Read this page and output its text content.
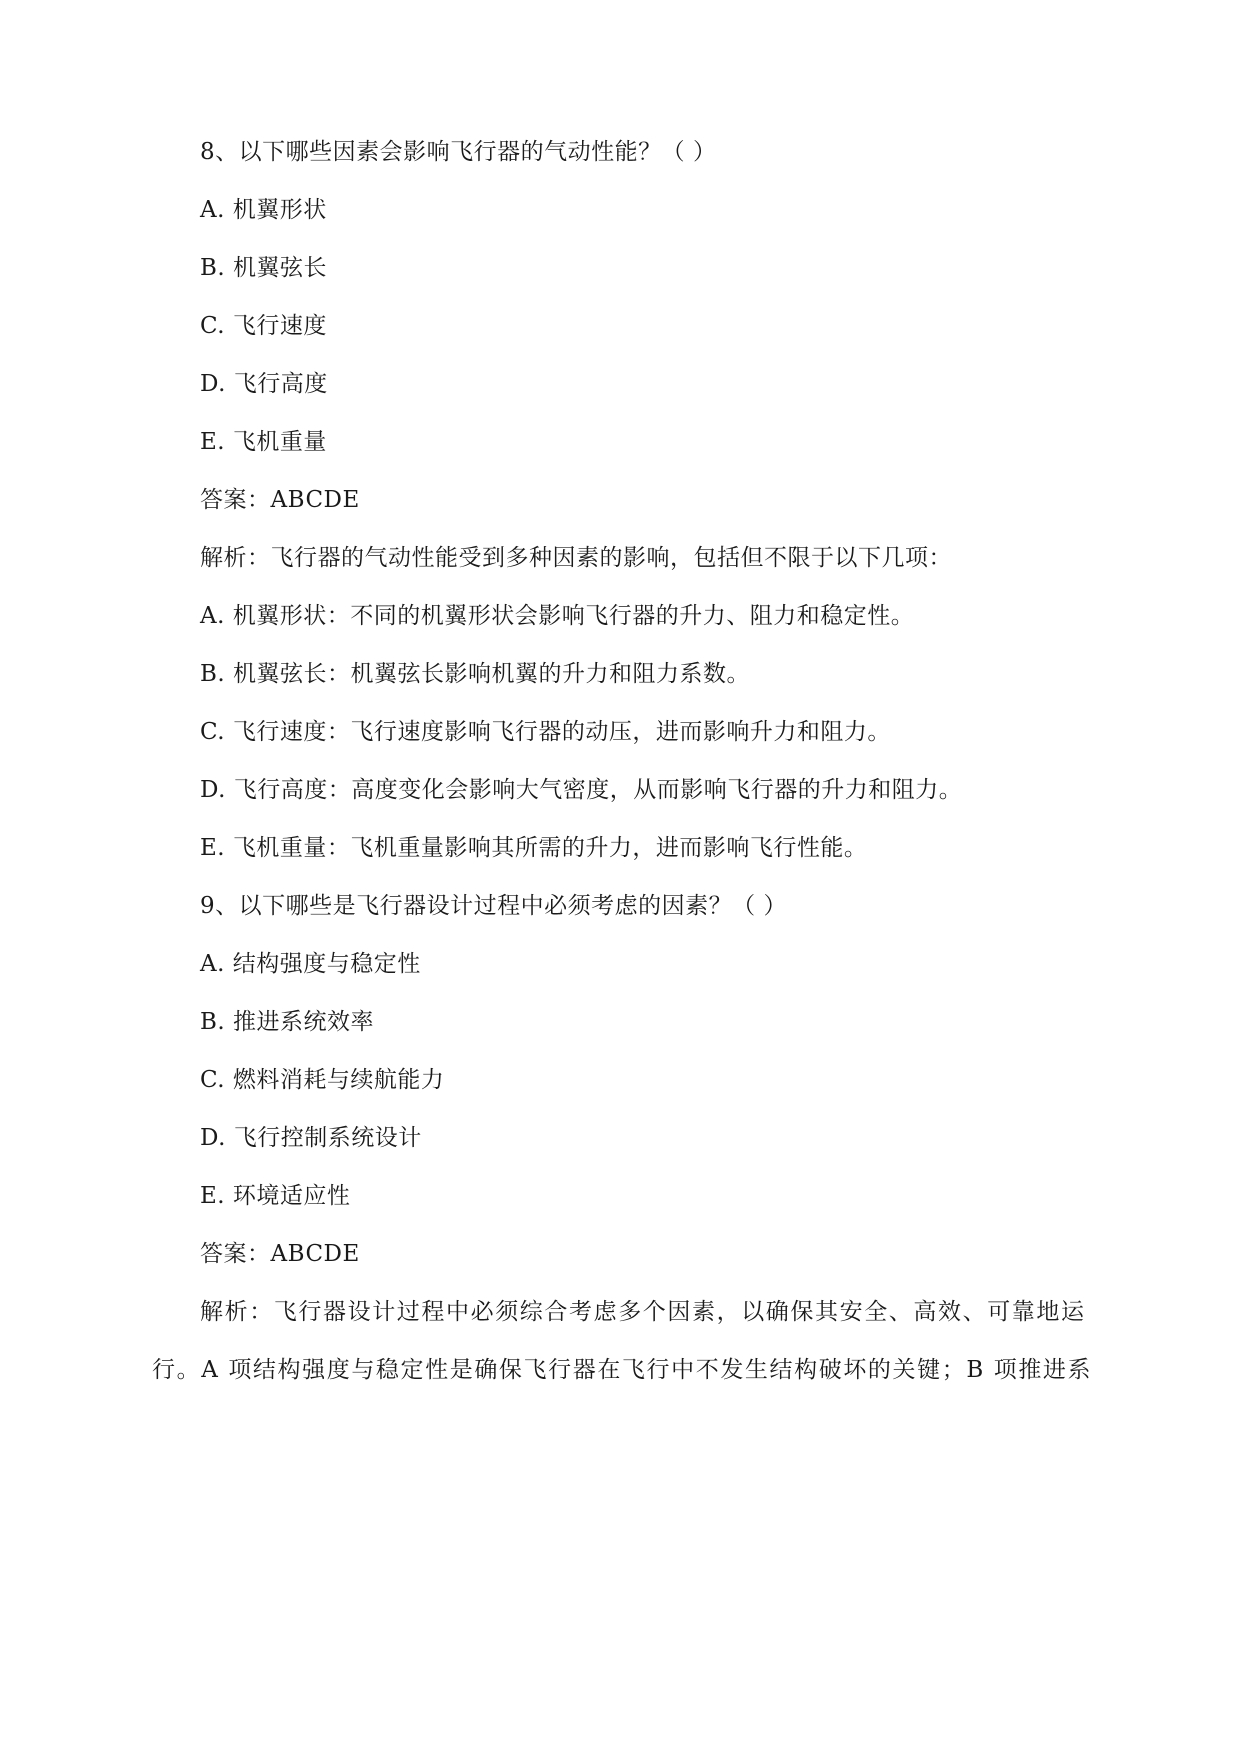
8、以下哪些因素会影响飞行器的气动性能？（ ）
A. 机翼形状
B. 机翼弦长
C. 飞行速度
D. 飞行高度
E. 飞机重量
答案：ABCDE
解析：飞行器的气动性能受到多种因素的影响，包括但不限于以下几项：
A. 机翼形状：不同的机翼形状会影响飞行器的升力、阻力和稳定性。
B. 机翼弦长：机翼弦长影响机翼的升力和阻力系数。
C. 飞行速度：飞行速度影响飞行器的动压，进而影响升力和阻力。
D. 飞行高度：高度变化会影响大气密度，从而影响飞行器的升力和阻力。
E. 飞机重量：飞机重量影响其所需的升力，进而影响飞行性能。
9、以下哪些是飞行器设计过程中必须考虑的因素？（ ）
A. 结构强度与稳定性
B. 推进系统效率
C. 燃料消耗与续航能力
D. 飞行控制系统设计
E. 环境适应性
答案：ABCDE
解析：飞行器设计过程中必须综合考虑多个因素，以确保其安全、高效、可靠地运
行。A 项结构强度与稳定性是确保飞行器在飞行中不发生结构破坏的关键；B 项推进系
